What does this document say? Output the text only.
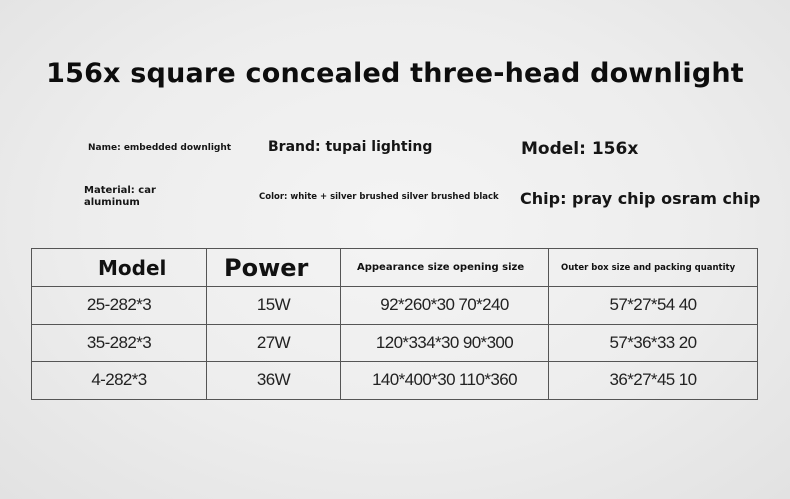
156x square concealed three-head downlight
Name: embedded downlight	Brand: tupai lighting	Model: 156x
Material: car aluminum	Color: white + silver brushed silver brushed black Chip: pray chip osram chip
Model	Power	Appearance size opening size	Outer box size and packing quantity
25-282*3	15W	92*260*30 70*240	57*27*54 40
35-282*3	27W	120*334*30 90*300	57*36*33 20
4-282*3	36W	140*400*30 110*360	36*27*45 10
